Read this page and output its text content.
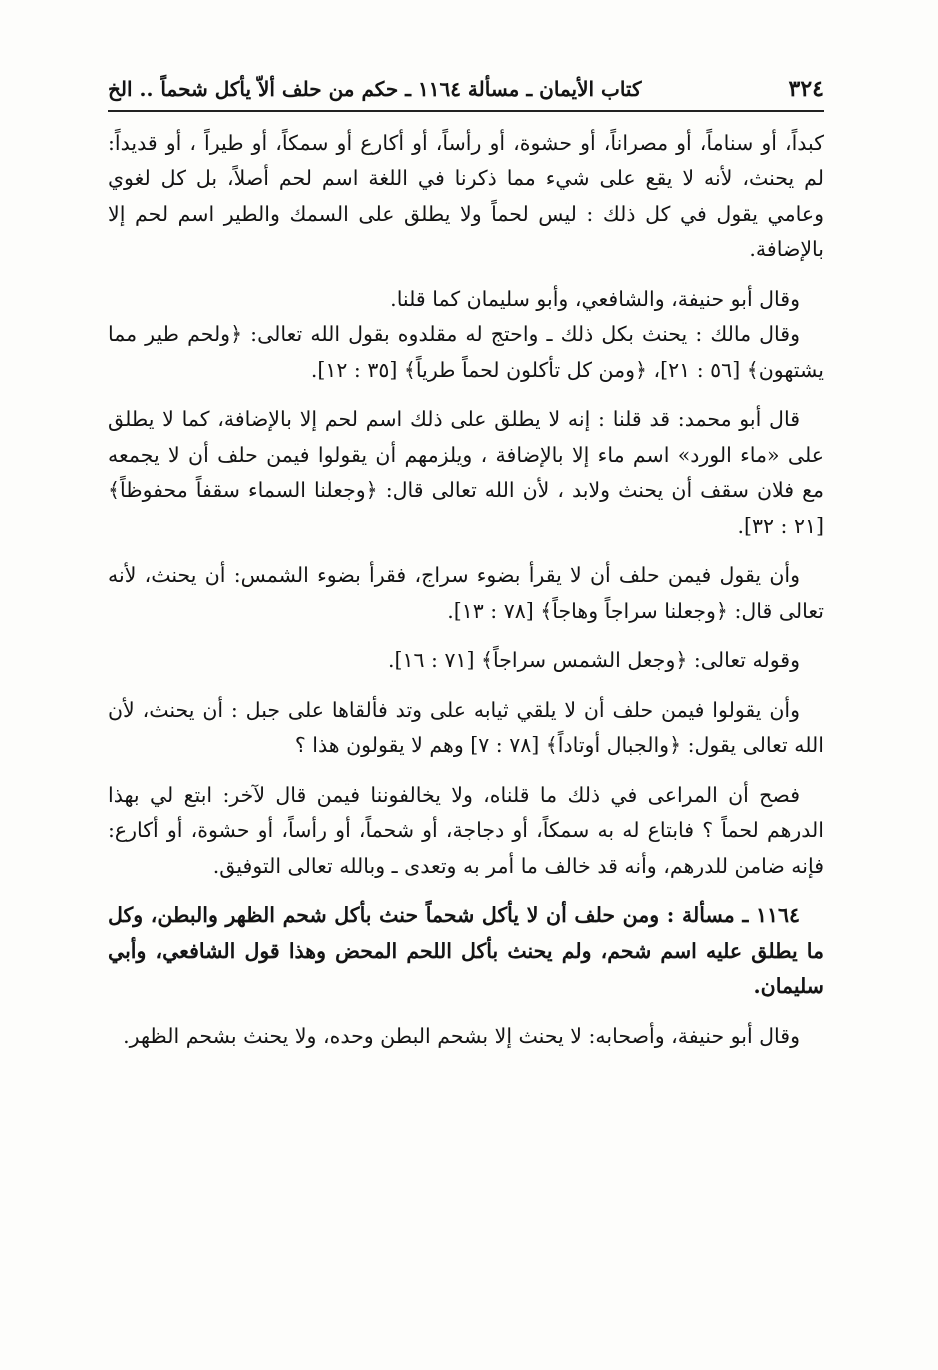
٣٢٤
كتاب الأيمان ـ مسألة ١١٦٤ ـ حكم من حلف ألاّ يأكل شحماً .. الخ

كبداً، أو سناماً، أو مصراناً، أو حشوة، أو رأساً، أو أكارع أو سمكاً، أو طيراً ، أو قديداً: لم يحنث، لأنه لا يقع على شيء مما ذكرنا في اللغة اسم لحم أصلاً، بل كل لغوي وعامي يقول في كل ذلك : ليس لحماً ولا يطلق على السمك والطير اسم لحم إلا بالإضافة.

وقال أبو حنيفة، والشافعي، وأبو سليمان كما قلنا.

وقال مالك : يحنث بكل ذلك ـ واحتج له مقلدوه بقول الله تعالى: ﴿ولحم طير مما يشتهون﴾ [٥٦ : ٢١]، ﴿ومن كل تأكلون لحماً طرياً﴾ [٣٥ : ١٢].

قال أبو محمد: قد قلنا : إنه لا يطلق على ذلك اسم لحم إلا بالإضافة، كما لا يطلق على «ماء الورد» اسم ماء إلا بالإضافة ، ويلزمهم أن يقولوا فيمن حلف أن لا يجمعه مع فلان سقف أن يحنث ولابد ، لأن الله تعالى قال: ﴿وجعلنا السماء سقفاً محفوظاً﴾ [٢١ : ٣٢].

وأن يقول فيمن حلف أن لا يقرأ بضوء سراج، فقرأ بضوء الشمس: أن يحنث، لأنه تعالى قال: ﴿وجعلنا سراجاً وهاجاً﴾ [٧٨ : ١٣].

وقوله تعالى: ﴿وجعل الشمس سراجاً﴾ [٧١ : ١٦].

وأن يقولوا فيمن حلف أن لا يلقي ثيابه على وتد فألقاها على جبل : أن يحنث، لأن الله تعالى يقول: ﴿والجبال أوتاداً﴾ [٧٨ : ٧] وهم لا يقولون هذا ؟

فصح أن المراعى في ذلك ما قلناه، ولا يخالفوننا فيمن قال لآخر: ابتع لي بهذا الدرهم لحماً ؟ فابتاع له به سمكاً، أو دجاجة، أو شحماً، أو رأساً، أو حشوة، أو أكارع: فإنه ضامن للدرهم، وأنه قد خالف ما أمر به وتعدى ـ وبالله تعالى التوفيق.

١١٦٤ ـ مسألة : ومن حلف أن لا يأكل شحماً حنث بأكل شحم الظهر والبطن، وكل ما يطلق عليه اسم شحم، ولم يحنث بأكل اللحم المحض وهذا قول الشافعي، وأبي سليمان.

وقال أبو حنيفة، وأصحابه: لا يحنث إلا بشحم البطن وحده، ولا يحنث بشحم الظهر.
